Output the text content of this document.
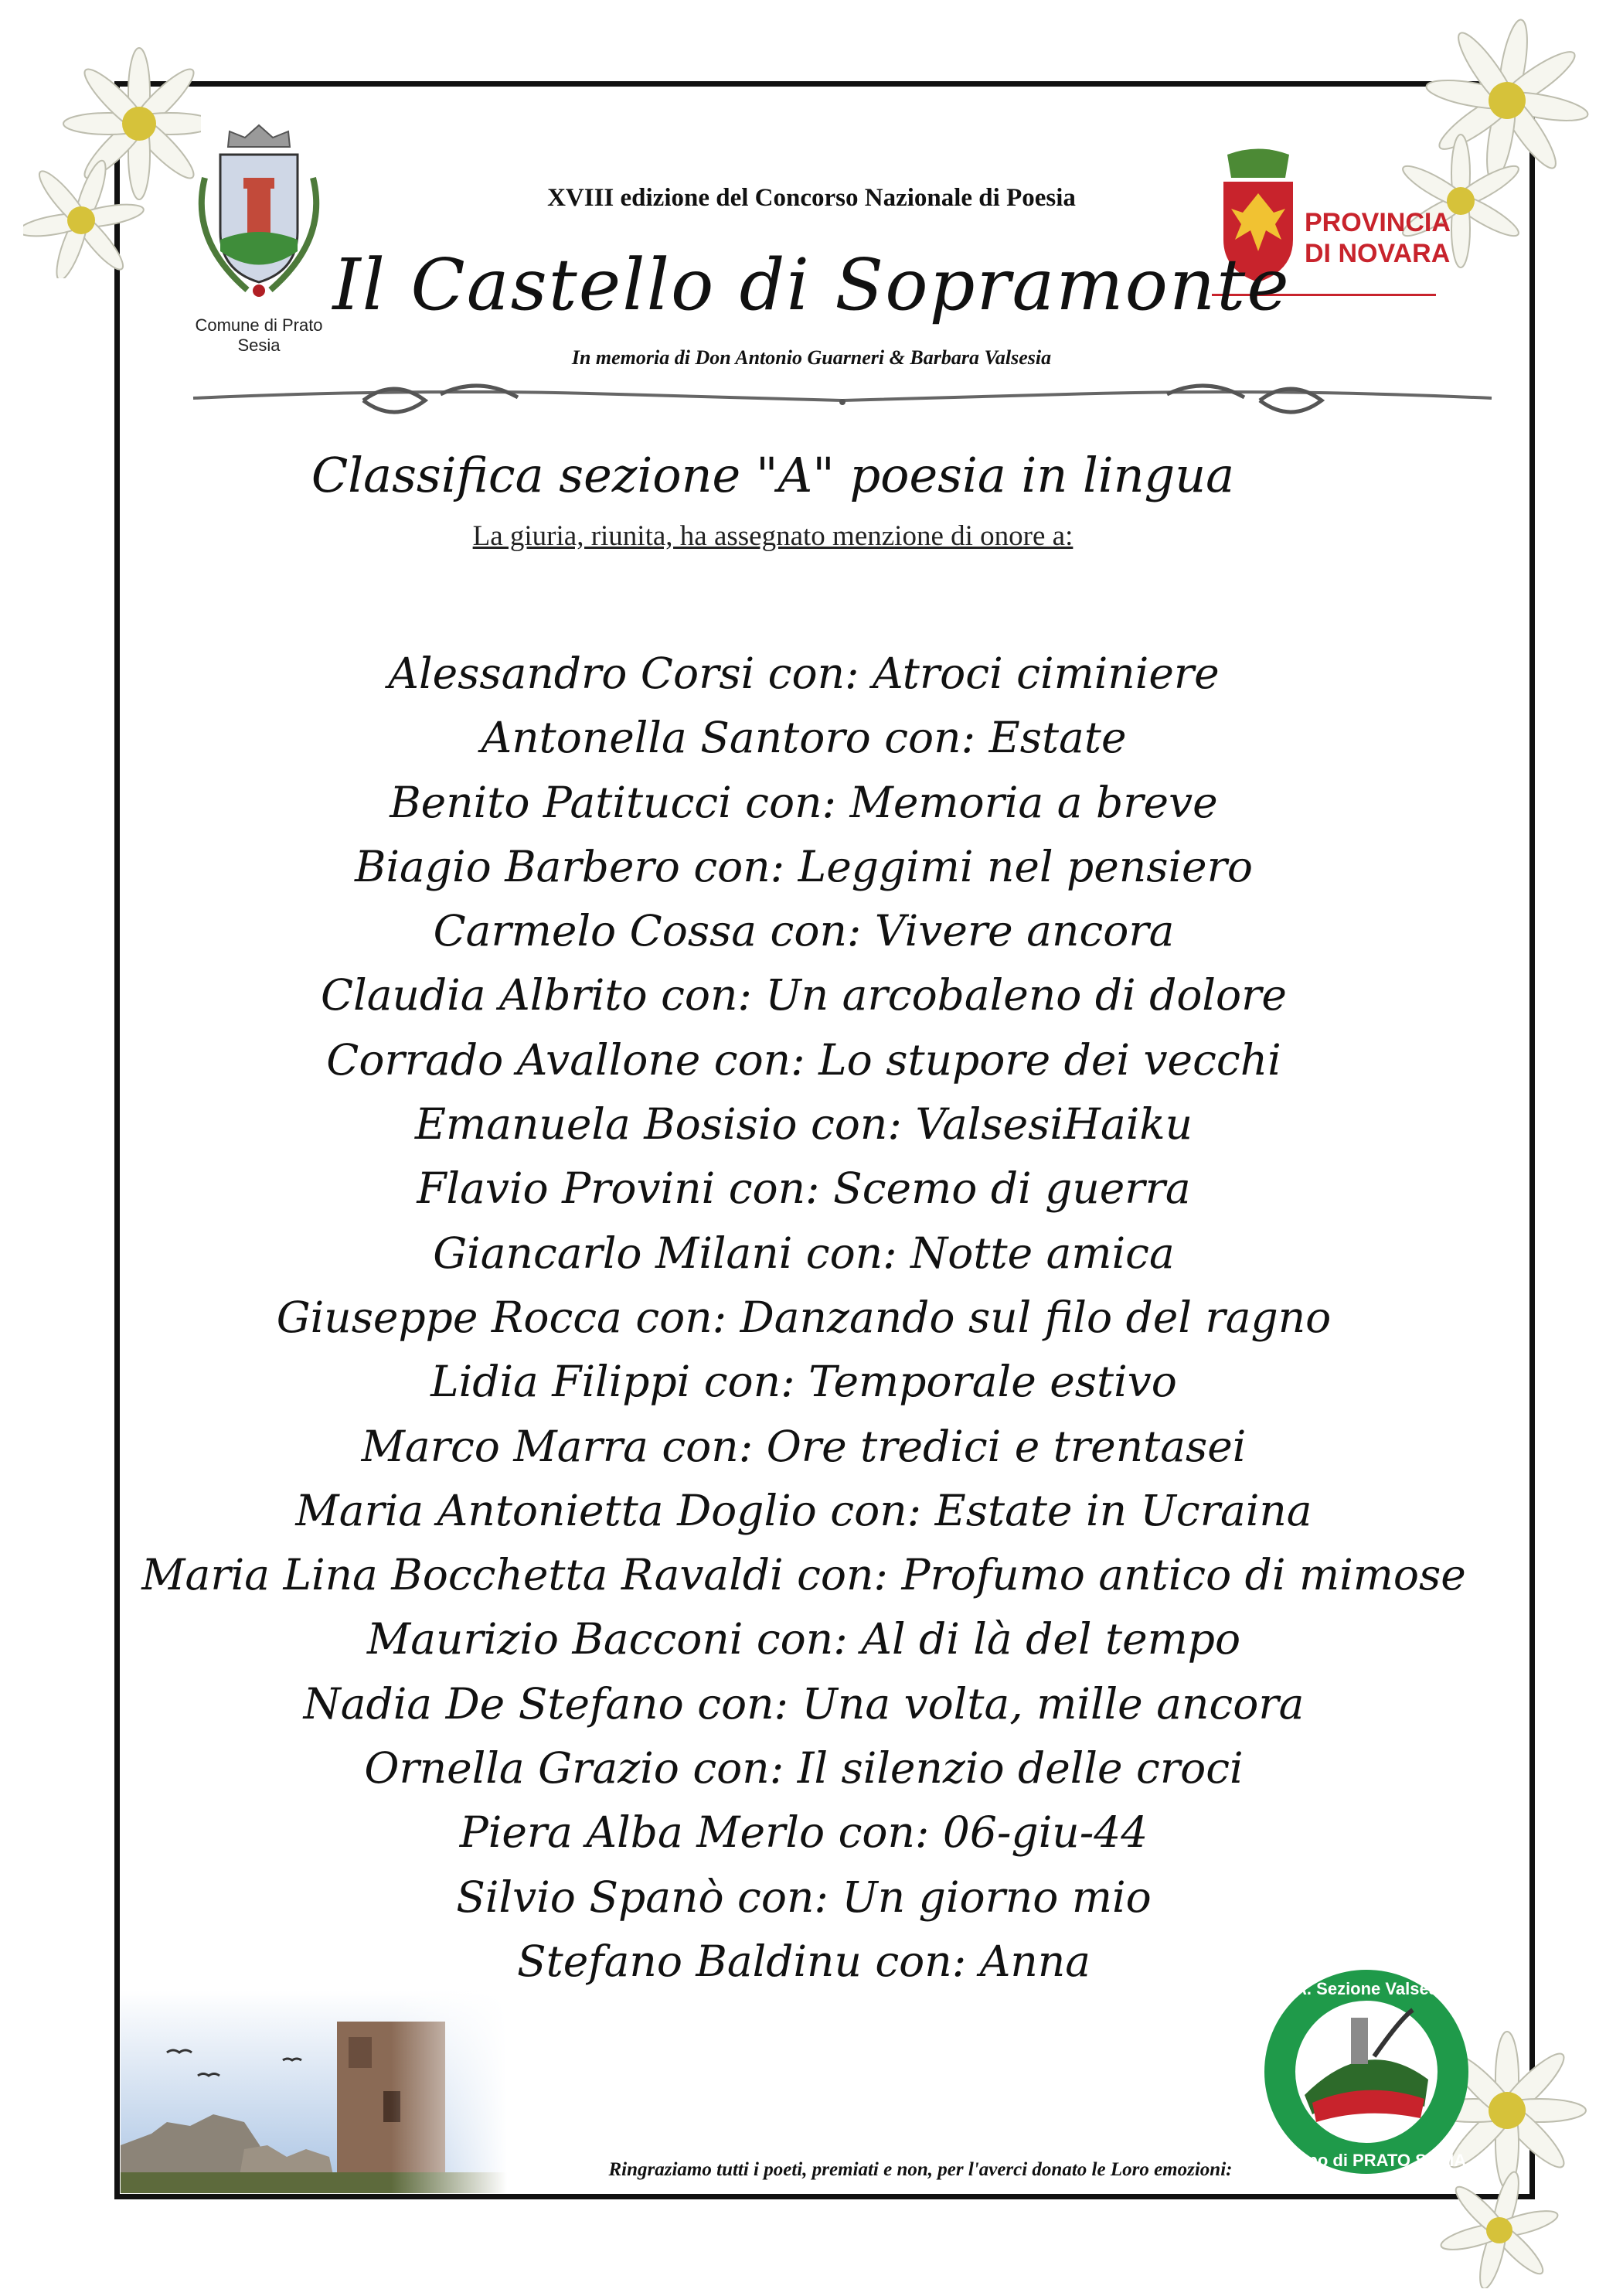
Comune di Prato Sesia
PROVINCIA
DI NOVARA
XVIII edizione del Concorso Nazionale di Poesia
Il Castello di Sopramonte
In memoria di Don Antonio Guarneri & Barbara Valsesia
Classifica sezione "A" poesia in lingua
La giuria, riunita, ha assegnato menzione di onore a:
Alessandro Corsi con: Atroci ciminiere
Antonella Santoro con: Estate
Benito Patitucci con: Memoria a breve
Biagio Barbero con: Leggimi nel pensiero
Carmelo Cossa con: Vivere ancora
Claudia Albrito con: Un arcobaleno di dolore
Corrado Avallone con: Lo stupore dei vecchi
Emanuela Bosisio con: ValsesiHaiku
Flavio Provini con: Scemo di guerra
Giancarlo Milani con: Notte amica
Giuseppe Rocca con: Danzando sul filo del ragno
Lidia Filippi con: Temporale estivo
Marco Marra con: Ore tredici e trentasei
Maria Antonietta Doglio con: Estate in Ucraina
Maria Lina Bocchetta Ravaldi con: Profumo antico di mimose
Maurizio Bacconi con: Al di là del tempo
Nadia De Stefano con: Una volta, mille ancora
Ornella Grazio con: Il silenzio delle croci
Piera Alba Merlo con: 06-giu-44
Silvio Spanò con: Un giorno mio
Stefano Baldinu con: Anna
A.N.A. Sezione Valsesiana
Gruppo di PRATO SESIA
Ringraziamo tutti i poeti, premiati e non, per l'averci donato le Loro emozioni:
